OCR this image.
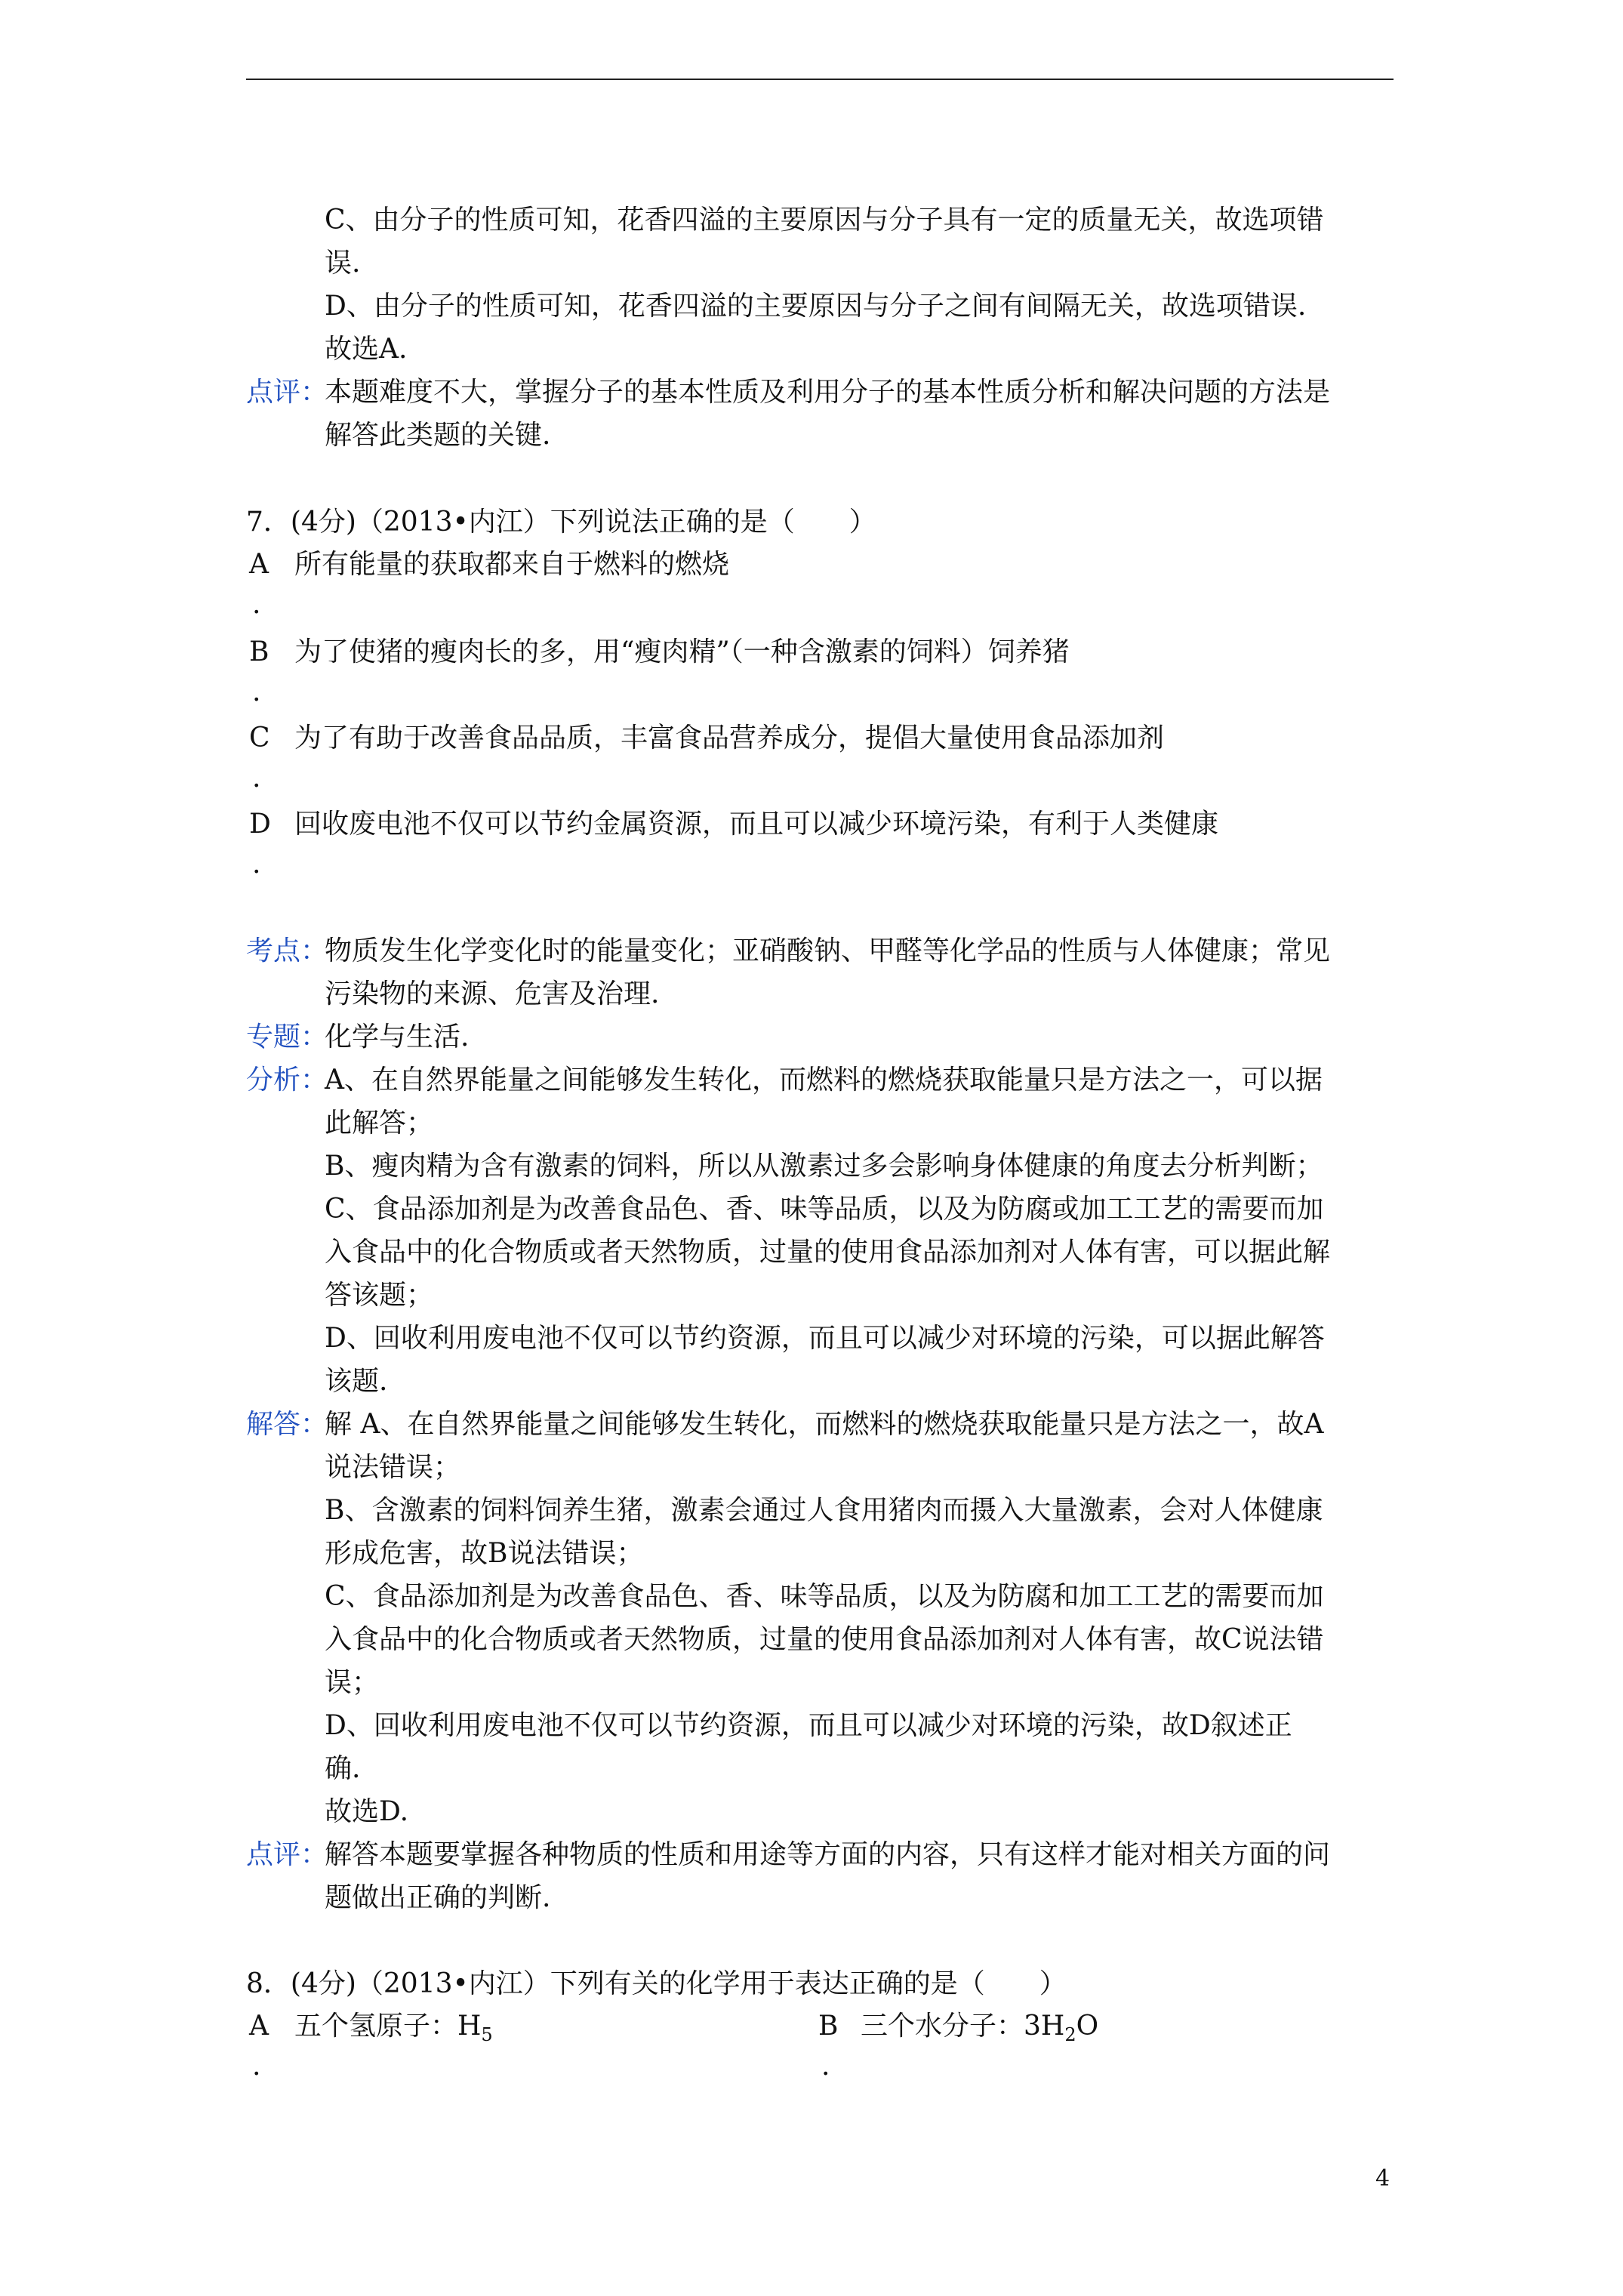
C、由分子的性质可知，花香四溢的主要原因与分子具有一定的质量无关，故选项错
误.
D、由分子的性质可知，花香四溢的主要原因与分子之间有间隔无关，故选项错误.
故选A.
点评：
本题难度不大，掌握分子的基本性质及利用分子的基本性质分析和解决问题的方法是
解答此类题的关键.
7．(4分)（2013•内江）下列说法正确的是（　　）
A 所有能量的获取都来自于燃料的燃烧
.
B 为了使猪的瘦肉长的多，用“瘦肉精”（一种含激素的饲料）饲养猪
.
C 为了有助于改善食品品质，丰富食品营养成分，提倡大量使用食品添加剂
.
D 回收废电池不仅可以节约金属资源，而且可以减少环境污染，有利于人类健康
.
考点：
物质发生化学变化时的能量变化；亚硝酸钠、甲醛等化学品的性质与人体健康；常见
污染物的来源、危害及治理.
专题：
化学与生活.
分析：
A、在自然界能量之间能够发生转化，而燃料的燃烧获取能量只是方法之一，可以据
此解答；
B、瘦肉精为含有激素的饲料，所以从激素过多会影响身体健康的角度去分析判断；
C、食品添加剂是为改善食品色、香、味等品质，以及为防腐或加工工艺的需要而加
入食品中的化合物质或者天然物质，过量的使用食品添加剂对人体有害，可以据此解
答该题；
D、回收利用废电池不仅可以节约资源，而且可以减少对环境的污染，可以据此解答
该题.
解答：
解 A、在自然界能量之间能够发生转化，而燃料的燃烧获取能量只是方法之一，故A
说法错误；
B、含激素的饲料饲养生猪，激素会通过人食用猪肉而摄入大量激素，会对人体健康
形成危害，故B说法错误；
C、食品添加剂是为改善食品色、香、味等品质，以及为防腐和加工工艺的需要而加
入食品中的化合物质或者天然物质，过量的使用食品添加剂对人体有害，故C说法错
误；
D、回收利用废电池不仅可以节约资源，而且可以减少对环境的污染，故D叙述正
确.
故选D.
点评：
解答本题要掌握各种物质的性质和用途等方面的内容，只有这样才能对相关方面的问
题做出正确的判断.
8．(4分)（2013•内江）下列有关的化学用于表达正确的是（　　）
A 五个氢原子：$H_5$
.
B 三个水分子：$3H_2O$
.
4
